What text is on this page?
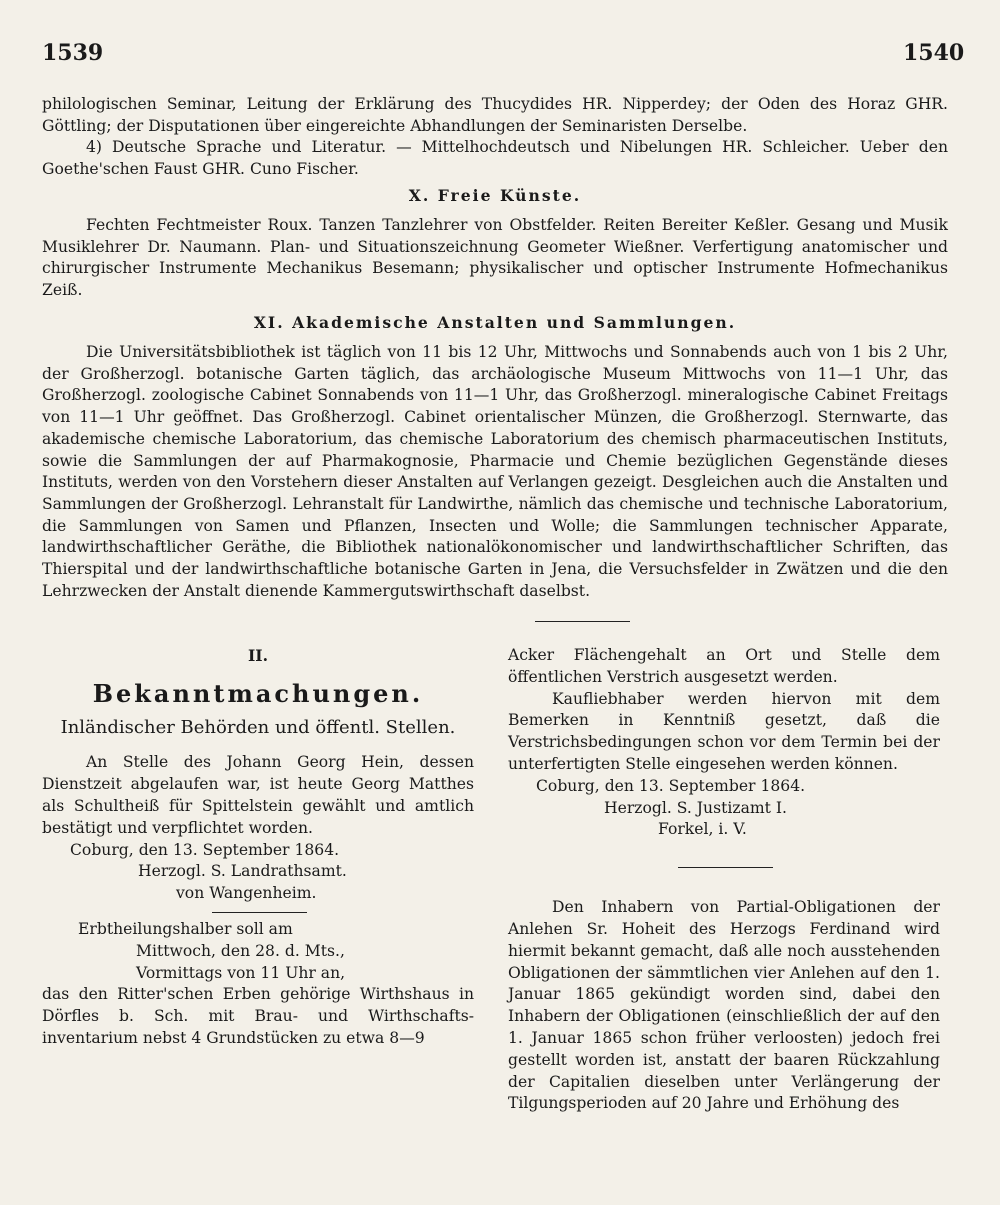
1539	1540

philologischen Seminar, Leitung der Erklärung des Thucydides HR. Nipperdey; der Oden des Horaz GHR. Göttling; der Disputationen über eingereichte Abhandlungen der Seminaristen Derselbe.

4) Deutsche Sprache und Literatur. — Mittelhochdeutsch und Nibelungen HR. Schleicher. Ueber den Goethe'schen Faust GHR. Cuno Fischer.

X. Freie Künste.
Fechten Fechtmeister Roux. Tanzen Tanzlehrer von Obstfelder. Reiten Bereiter Keßler. Gesang und Musik Musiklehrer Dr. Naumann. Plan- und Situationszeichnung Geometer Wießner. Verfertigung anatomischer und chirurgischer Instrumente Mechanikus Besemann; physikalischer und optischer Instrumente Hofmechanikus Zeiß.
XI. Akademische Anstalten und Sammlungen.
Die Universitätsbibliothek ist täglich von 11 bis 12 Uhr, Mittwochs und Sonnabends auch von 1 bis 2 Uhr, der Großherzogl. botanische Garten täglich, das archäologische Museum Mittwochs von 11—1 Uhr, das Großherzogl. zoologische Cabinet Sonnabends von 11—1 Uhr, das Großherzogl. mineralogische Cabinet Freitags von 11—1 Uhr geöffnet. Das Großherzogl. Cabinet orientalischer Münzen, die Großherzogl. Sternwarte, das akademische chemische Laboratorium, das chemische Laboratorium des chemisch pharmaceutischen Instituts, sowie die Sammlungen der auf Pharmakognosie, Pharmacie und Chemie bezüglichen Gegenstände dieses Instituts, werden von den Vorstehern dieser Anstalten auf Verlangen gezeigt. Desgleichen auch die Anstalten und Sammlungen der Großherzogl. Lehranstalt für Landwirthe, nämlich das chemische und technische Laboratorium, die Sammlungen von Samen und Pflanzen, Insecten und Wolle; die Sammlungen technischer Apparate, landwirthschaftlicher Geräthe, die Bibliothek nationalökonomischer und landwirthschaftlicher Schriften, das Thierspital und der landwirthschaftliche botanische Garten in Jena, die Versuchsfelder in Zwätzen und die den Lehrzwecken der Anstalt dienende Kammergutswirthschaft daselbst.
II.
Bekanntmachungen.
Inländischer Behörden und öffentl. Stellen.
An Stelle des Johann Georg Hein, dessen Dienstzeit abgelaufen war, ist heute Georg Matthes als Schultheiß für Spittelstein gewählt und amtlich bestätigt und verpflichtet worden.
Coburg, den 13. September 1864.
Herzogl. S. Landrathsamt.
von Wangenheim.
Erbtheilungshalber soll am
Mittwoch, den 28. d. Mts.,
Vormittags von 11 Uhr an,
das den Ritter'schen Erben gehörige Wirthshaus in Dörfles b. Sch. mit Brau- und Wirthschafts-inventarium nebst 4 Grundstücken zu etwa 8—9
Acker Flächengehalt an Ort und Stelle dem öffentlichen Verstrich ausgesetzt werden.
Kaufliebhaber werden hiervon mit dem Bemerken in Kenntniß gesetzt, daß die Verstrichsbedingungen schon vor dem Termin bei der unterfertigten Stelle eingesehen werden können.
Coburg, den 13. September 1864.
Herzogl. S. Justizamt I.
Forkel, i. V.
Den Inhabern von Partial-Obligationen der Anlehen Sr. Hoheit des Herzogs Ferdinand wird hiermit bekannt gemacht, daß alle noch ausstehenden Obligationen der sämmtlichen vier Anlehen auf den 1. Januar 1865 gekündigt worden sind, dabei den Inhabern der Obligationen (einschließlich der auf den 1. Januar 1865 schon früher verloosten) jedoch frei gestellt worden ist, anstatt der baaren Rückzahlung der Capitalien dieselben unter Verlängerung der Tilgungsperioden auf 20 Jahre und Erhöhung des
